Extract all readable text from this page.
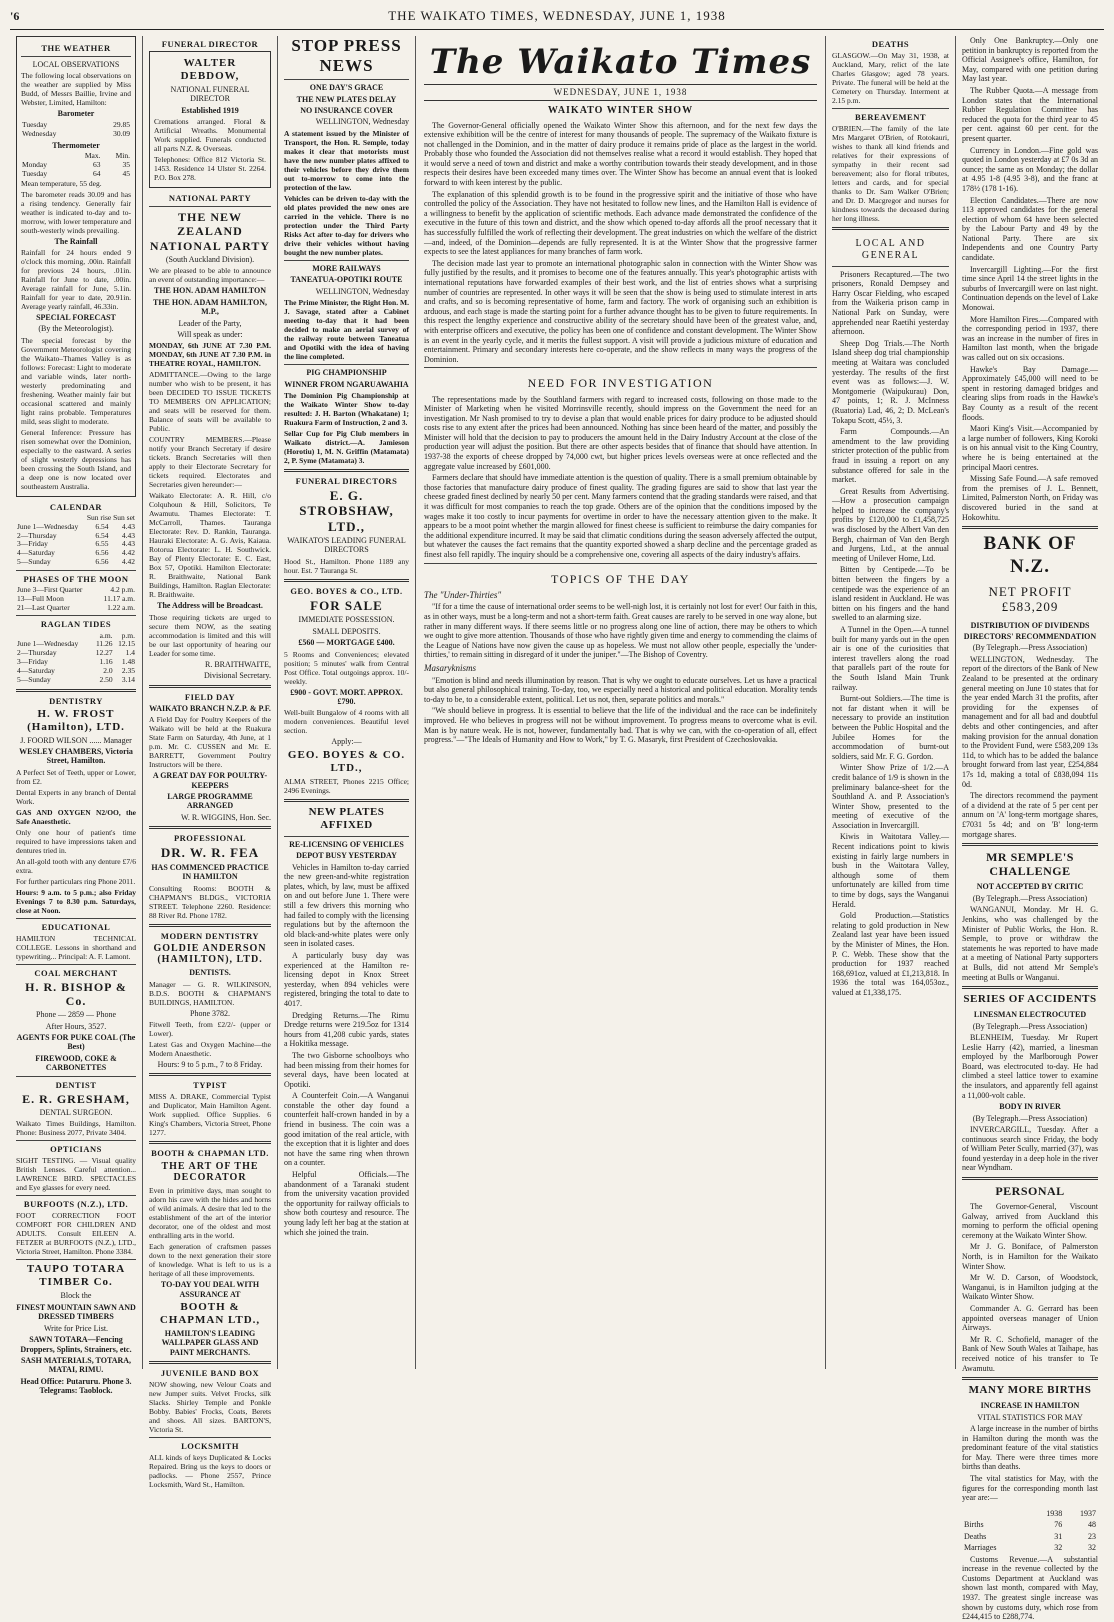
'6	THE WAIKATO TIMES, WEDNESDAY, JUNE 1, 1938
THE WEATHER
LOCAL OBSERVATIONS

The following local observations on the weather are supplied by Miss Budd, of Messrs Baillie, Irvine and Webster, Limited, Hamilton:

Barometer
Tuesday	29.85
Wednesday	30.09
Thermometer
	Max.	Min.
Monday	63	35
Tuesday	64	45

Mean temperature, 55 deg.

The barometer reads 30.09 and has a rising tendency. Generally fair weather is indicated to-day and to-morrow, with lower temperature and south-westerly winds prevailing.

The Rainfall

Rainfall for 24 hours ended 9 o'clock this morning, .00in. Rainfall for previous 24 hours, .01in. Rainfall for June to date, .00in. Average rainfall for June, 5.1in. Rainfall for year to date, 20.91in. Average yearly rainfall, 46.33in.

SPECIAL FORECAST
(By the Meteorologist).

The special forecast by the Government Meteorologist covering the Waikato–Thames Valley is as follows: Forecast: Light to moderate and variable winds, later north-westerly predominating and freshening. Weather mainly fair but occasional scattered and mainly light rains probable. Temperatures mild, seas slight to moderate.

General Inference: Pressure has risen somewhat over the Dominion, especially to the eastward. A series of slight westerly depressions has been crossing the South Island, and a deep one is now located over southeastern Australia.

CALENDAR
	Sun rise Sun set	
June 1—Wednesday	6.54	4.43
2—Thursday	6.54	4.43
3—Friday	6.55	4.43
4—Saturday	6.56	4.42
5—Sunday	6.56	4.42
PHASES OF THE MOON
June 3—First Quarter	4.2 p.m.
13—Full Moon	11.17 a.m.
21—Last Quarter	1.22 a.m.
RAGLAN TIDES
	a.m.	p.m.
June 1—Wednesday	11.26	12.15
2—Thursday	12.27	1.4
3—Friday	1.16	1.48
4—Saturday	2.0	2.35
5—Sunday	2.50	3.14
DENTISTRY
H. W. FROST (Hamilton), LTD.
J. FOORD WILSON ...... Manager
WESLEY CHAMBERS, Victoria Street, Hamilton.

A Perfect Set of Teeth, upper or Lower, from £2.

Dental Experts in any branch of Dental Work.

GAS AND OXYGEN N2/OO, the Safe Anaesthetic.

Only one hour of patient's time required to have impressions taken and dentures tried in.

An all-gold tooth with any denture £7/6 extra.

For further particulars ring Phone 2011.

Hours: 9 a.m. to 5 p.m.; also Friday Evenings 7 to 8.30 p.m. Saturdays, close at Noon.

EDUCATIONAL

HAMILTON TECHNICAL COLLEGE. Lessons in shorthand and typewriting... Principal: A. F. Lamont.

COAL MERCHANT
H. R. BISHOP & Co.
Phone — 2859 — Phone
After Hours, 3527.
AGENTS FOR PUKE COAL (The Best)
FIREWOOD, COKE & CARBONETTES
DENTIST
E. R. GRESHAM,
DENTAL SURGEON.

Waikato Times Buildings, Hamilton. Phone: Business 2077, Private 3404.

OPTICIANS

SIGHT TESTING. — Visual quality British Lenses. Careful attention... LAWRENCE BIRD. SPECTACLES and Eye glasses for every need.

BURFOOTS (N.Z.), LTD.

FOOT CORRECTION FOOT COMFORT FOR CHILDREN AND ADULTS. Consult EILEEN A. FETZER at BURFOOTS (N.Z.), LTD., Victoria Street, Hamilton. Phone 3384.

TAUPO TOTARA TIMBER Co.
Block the
FINEST MOUNTAIN SAWN AND DRESSED TIMBERS
Write for Price List.
SAWN TOTARA—Fencing Droppers, Splints, Strainers, etc.
SASH MATERIALS, TOTARA, MATAI, RIMU.
Head Office: Putaruru. Phone 3. Telegrams: Taoblock.
FUNERAL DIRECTOR
WALTER DEBDOW,
NATIONAL FUNERAL DIRECTOR
Established 1919

Cremations arranged. Floral & Artificial Wreaths. Monumental Work supplied. Funerals conducted all parts N.Z. & Overseas.

Telephones: Office 812 Victoria St. 1453. Residence 14 Ulster St. 2264. P.O. Box 278.

NATIONAL PARTY
THE NEW ZEALAND NATIONAL PARTY
(South Auckland Division).

We are pleased to be able to announce an event of outstanding importance:—

THE HON. ADAM HAMILTON
THE HON. ADAM HAMILTON, M.P.,
Leader of the Party,
Will speak as under:

MONDAY, 6th JUNE AT 7.30 P.M. MONDAY, 6th JUNE AT 7.30 P.M. in THEATRE ROYAL, HAMILTON.

ADMITTANCE.—Owing to the large number who wish to be present, it has been DECIDED TO ISSUE TICKETS TO MEMBERS ON APPLICATION; and seats will be reserved for them. Balance of seats will be available to Public.

COUNTRY MEMBERS.—Please notify your Branch Secretary if desire tickets. Branch Secretaries will then apply to their Electorate Secretary for tickets required. Electorates and Secretaries given hereunder:—

Waikato Electorate: A. R. Hill, c/o Colquhoun & Hill, Solicitors, Te Awamutu. Thames Electorate: T. McCarroll, Thames. Tauranga Electorate: Rev. D. Rankin, Tauranga. Hauraki Electorate: A. G. Avis, Kaiaua. Rotorua Electorate: L. H. Southwick. Bay of Plenty Electorate: E. C. East, Box 57, Opotiki. Hamilton Electorate: R. Braithwaite, National Bank Buildings, Hamilton. Raglan Electorate: R. Braithwaite.

The Address will be Broadcast.

Those requiring tickets are urged to secure them NOW, as the seating accommodation is limited and this will be our last opportunity of hearing our Leader for some time.

R. BRAITHWAITE,
Divisional Secretary.
FIELD DAY
WAIKATO BRANCH N.Z.P. & P.F.

A Field Day for Poultry Keepers of the Waikato will be held at the Ruakura State Farm on Saturday, 4th June, at 1 p.m. Mr. C. CUSSEN and Mr. E. BARRETT, Government Poultry Instructors will be there.

A GREAT DAY FOR POULTRY-KEEPERS
LARGE PROGRAMME ARRANGED
W. R. WIGGINS, Hon. Sec.
PROFESSIONAL
DR. W. R. FEA
HAS COMMENCED PRACTICE IN HAMILTON

Consulting Rooms: BOOTH & CHAPMAN'S BLDGS., VICTORIA STREET. Telephone 2260. Residence: 88 River Rd. Phone 1782.

MODERN DENTISTRY
GOLDIE ANDERSON (HAMILTON), LTD.
DENTISTS.

Manager — G. R. WILKINSON, B.D.S. BOOTH & CHAPMAN'S BUILDINGS, HAMILTON.

Phone 3782.

Fitwell Teeth, from £2/2/- (upper or Lower).

Latest Gas and Oxygen Machine—the Modern Anaesthetic.

Hours: 9 to 5 p.m., 7 to 8 Friday.
TYPIST

MISS A. DRAKE, Commercial Typist and Duplicator, Main Hamilton Agent. Work supplied. Office Supplies. 6 King's Chambers, Victoria Street, Phone 1277.

BOOTH & CHAPMAN LTD.
THE ART OF THE DECORATOR

Even in primitive days, man sought to adorn his cave with the hides and horns of wild animals. A desire that led to the establishment of the art of the interior decorator, one of the oldest and most enthralling arts in the world.

Each generation of craftsmen passes down to the next generation their store of knowledge. What is left to us is a heritage of all these improvements.

TO-DAY YOU DEAL WITH ASSURANCE AT
BOOTH & CHAPMAN LTD.,
HAMILTON'S LEADING WALLPAPER GLASS AND PAINT MERCHANTS.
JUVENILE BAND BOX

NOW showing, new Velour Coats and new Jumper suits. Velvet Frocks, silk Slacks. Shirley Temple and Ponkle Bobby. Babies' Frocks, Coats, Berets and shoes. All sizes. BARTON'S, Victoria St.

LOCKSMITH

ALL kinds of keys Duplicated & Locks Repaired. Bring us the keys to doors or padlocks. — Phone 2557, Prince Locksmith, Ward St., Hamilton.

STOP PRESS NEWS
ONE DAY'S GRACE
THE NEW PLATES DELAY
NO INSURANCE COVER
WELLINGTON, Wednesday

A statement issued by the Minister of Transport, the Hon. R. Semple, today makes it clear that motorists must have the new number plates affixed to their vehicles before they drive them out to-morrow to come into the protection of the law.

Vehicles can be driven to-day with the old plates provided the new ones are carried in the vehicle. There is no protection under the Third Party Risks Act after to-day for drivers who drive their vehicles without having bought the new number plates.

MORE RAILWAYS
TANEATUA-OPOTIKI ROUTE
WELLINGTON, Wednesday

The Prime Minister, the Right Hon. M. J. Savage, stated after a Cabinet meeting to-day that it had been decided to make an aerial survey of the railway route between Taneatua and Opotiki with the idea of having the line completed.

PIG CHAMPIONSHIP
WINNER FROM NGARUAWAHIA

The Dominion Pig Championship at the Waikato Winter Show to-day resulted: J. H. Barton (Whakatane) 1; Ruakura Farm of Instruction, 2 and 3.

Sellar Cup for Pig Club members in Waikato district.—A. Jamieson (Horotiu) 1, M. N. Griffin (Matamata) 2, P. Syme (Matamata) 3.

FUNERAL DIRECTORS
E. G. STROBSHAW, LTD.,
WAIKATO'S LEADING FUNERAL DIRECTORS

Hood St., Hamilton. Phone 1189 any hour. Est. 7 Tauranga St.

GEO. BOYES & CO., LTD.
FOR SALE
IMMEDIATE POSSESSION.
SMALL DEPOSITS.
£560 — MORTGAGE £400.

5 Rooms and Conveniences; elevated position; 5 minutes' walk from Central Post Office. Total outgoings approx. 10/- weekly.

£900 - GOVT. MORT. APPROX. £790.

Well-built Bungalow of 4 rooms with all modern conveniences. Beautiful level section.

Apply:—
GEO. BOYES & CO. LTD.,

ALMA STREET, Phones 2215 Office; 2496 Evenings.

NEW PLATES AFFIXED
RE-LICENSING OF VEHICLES
DEPOT BUSY YESTERDAY

Vehicles in Hamilton to-day carried the new green-and-white registration plates, which, by law, must be affixed on and out before June 1. There were still a few drivers this morning who had failed to comply with the licensing regulations but by the afternoon the old black-and-white plates were only seen in isolated cases.

A particularly busy day was experienced at the Hamilton re-licensing depot in Knox Street yesterday, when 894 vehicles were registered, bringing the total to date to 4017.

Dredging Returns.—The Rimu Dredge returns were 219.5oz for 1314 hours from 41,208 cubic yards, states a Hokitika message.

The two Gisborne schoolboys who had been missing from their homes for several days, have been located at Opotiki.

A Counterfeit Coin.—A Wanganui constable the other day found a counterfeit half-crown handed in by a friend in business. The coin was a good imitation of the real article, with the exception that it is lighter and does not have the same ring when thrown on a counter.

Helpful Officials.—The abandonment of a Taranaki student from the university vacation provided the opportunity for railway officials to show both courtesy and resource. The young lady left her bag at the station at which she joined the train.

The Waikato Times
WEDNESDAY, JUNE 1, 1938
WAIKATO WINTER SHOW

The Governor-General officially opened the Waikato Winter Show this afternoon, and for the next few days the extensive exhibition will be the centre of interest for many thousands of people. The supremacy of the Waikato fixture is not challenged in the Dominion, and in the matter of dairy produce it remains pride of place as the largest in the world. Probably those who founded the Association did not themselves realise what a record it would establish. They hoped that it would serve a need of town and district and make a worthy contribution towards their steady development, and in those respects their desires have been exceeded many times over. The Winter Show has become an annual event that is looked forward to with keen interest by the public.

The explanation of this splendid growth is to be found in the progressive spirit and the initiative of those who have controlled the policy of the Association. They have not hesitated to follow new lines, and the Hamilton Hall is evidence of a willingness to benefit by the application of scientific methods. Each advance made demonstrated the confidence of the executive in the future of this town and district, and the show which opened to-day affords all the proof necessary that it has successfully fulfilled the work of reflecting their development. The great industries on which the welfare of the district—and, indeed, of the Dominion—depends are fully represented. It is at the Winter Show that the progressive farmer expects to see the latest appliances for many branches of farm work.

The decision made last year to promote an international photographic salon in connection with the Winter Show was fully justified by the results, and it promises to become one of the features annually. This year's photographic artists with international reputations have forwarded examples of their best work, and the list of entries shows what a surprising number of countries are represented. In other ways it will be seen that the show is being used to stimulate interest in arts and crafts, and so is becoming representative of home, farm and factory. The work of organising such an exhibition is arduous, and each stage is made the starting point for a further advance thought has to be given to future requirements. In this respect the lengthy experience and constructive ability of the secretary should have been of the greatest value, and, with enterprise officers and executive, the policy has been one of confidence and constant development. The Winter Show is an event in the yearly cycle, and it merits the fullest support. A visit will provide a judicious mixture of education and entertainment. Primary and secondary interests here co-operate, and the show reflects in many ways the progress of the Dominion.

NEED FOR INVESTIGATION

The representations made by the Southland farmers with regard to increased costs, following on those made to the Minister of Marketing when he visited Morrinsville recently, should impress on the Government the need for an investigation. Mr Nash promised to try to devise a plan that would enable prices for dairy produce to be adjusted should costs rise to any extent after the prices had been announced. Nothing has since been heard of the matter, and possibly the Minister will hold that the decision to pay to producers the amount held in the Dairy Industry Account at the close of the production year will adjust the position. But there are other aspects besides that of finance that should have attention. In 1937-38 the exports of cheese dropped by 74,000 cwt, but higher prices levels overseas were at once reflected and the aggregate value increased by £601,000.

Farmers declare that should have immediate attention is the question of quality. There is a small premium obtainable by those factories that manufacture dairy produce of finest quality. The grading figures are said to show that last year the cheese graded finest declined by nearly 50 per cent. Many farmers contend that the grading standards were raised, and that it was difficult for most companies to reach the top grade. Others are of the opinion that the conditions imposed by the wages make it too costly to incur payments for overtime in order to have the necessary attention given to the make. It appears to be a moot point whether the margin allowed for finest cheese is sufficient to reimburse the dairy companies for the additional expenditure incurred. It may be said that climatic conditions during the season adversely affected the output, but whatever the causes the fact remains that the quantity exported showed a sharp decline and the percentage graded as finest also fell rapidly. The inquiry should be a comprehensive one, covering all aspects of the dairy industry's affairs.

TOPICS OF THE DAY
The "Under-Thirties"

"If for a time the cause of international order seems to be well-nigh lost, it is certainly not lost for ever! Our faith in this, as in other ways, must be a long-term and not a short-term faith. Great causes are rarely to be served in one way alone, but rather in many different ways. If there seems little or no progress along one line of action, there may be others to which we ought to give more attention. Thousands of those who have rightly given time and energy to commending the claims of the League of Nations have now given the cause up as hopeless. We must not allow other people, especially the 'under-thirties,' to remain sitting in disregard of it under the juniper."—The Bishop of Coventry.

Masaryknisms

"Emotion is blind and needs illumination by reason. That is why we ought to educate ourselves. Let us have a practical but also general philosophical training. To-day, too, we especially need a historical and political education. Morality tends to-day to be, to a considerable extent, political. Let us not, then, separate politics and morals."

"We should believe in progress. It is essential to believe that the life of the individual and the race can be indefinitely improved. He who believes in progress will not be without improvement. To progress means to overcome what is evil. Man is by nature weak. He is not, however, fundamentally bad. That is why we can, with the co-operation of all, effect progress."—"The Ideals of Humanity and How to Work," by T. G. Masaryk, first President of Czechoslovakia.

DEATHS

GLASGOW.—On May 31, 1938, at Auckland, Mary, relict of the late Charles Glasgow; aged 78 years. Private. The funeral will be held at the Cemetery on Thursday. Interment at 2.15 p.m.

BEREAVEMENT

O'BRIEN.—The family of the late Mrs Margaret O'Brien, of Rotokauri, wishes to thank all kind friends and relatives for their expressions of sympathy in their recent sad bereavement; also for floral tributes, letters and cards, and for special thanks to Dr. Sam Walker O'Brien; and Dr. D. Macgregor and nurses for kindness towards the deceased during her long illness.

LOCAL AND GENERAL

Prisoners Recaptured.—The two prisoners, Ronald Dempsey and Harry Oscar Fielding, who escaped from the Waikeria prison camp in National Park on Sunday, were apprehended near Raetihi yesterday afternoon.

Sheep Dog Trials.—The North Island sheep dog trial championship meeting at Waitara was concluded yesterday. The results of the first event was as follows:—J. W. Montgomerie (Waipukurau) Don, 47 points, 1; R. J. McInness (Ruatoria) Lad, 46, 2; D. McLean's Tokapu Scott, 45½, 3.

Farm Compounds.—An amendment to the law providing stricter protection of the public from fraud in issuing a report on any substance offered for sale in the market.

Great Results from Advertising.—How a prosecution campaign helped to increase the company's profits by £120,000 to £1,458,725 was disclosed by the Albert Van den Bergh, chairman of Van den Bergh and Jurgens, Ltd., at the annual meeting of Unilever Home, Ltd.

Bitten by Centipede.—To be bitten between the fingers by a centipede was the experience of an island resident in Auckland. He was bitten on his fingers and the hand swelled to an alarming size.

A Tunnel in the Open.—A tunnel built for many yards out in the open air is one of the curiosities that interest travellers along the road that parallels part of the route for the South Island Main Trunk railway.

Burnt-out Soldiers.—The time is not far distant when it will be necessary to provide an institution between the Public Hospital and the Jubilee Homes for the accommodation of burnt-out soldiers, said Mr. F. G. Gordon.

Winter Show Prize of 1/2.—A credit balance of 1/9 is shown in the preliminary balance-sheet for the Southland A. and P. Association's Winter Show, presented to the meeting of executive of the Association in Invercargill.

Kiwis in Waitotara Valley.—Recent indications point to kiwis existing in fairly large numbers in bush in the Waitotara Valley, although some of them unfortunately are killed from time to time by dogs, says the Wanganui Herald.

Gold Production.—Statistics relating to gold production in New Zealand last year have been issued by the Minister of Mines, the Hon. P. C. Webb. These show that the production for 1937 reached 168,691oz, valued at £1,213,818. In 1936 the total was 164,053oz., valued at £1,338,175.

Only One Bankruptcy.—Only one petition in bankruptcy is reported from the Official Assignee's office, Hamilton, for May, compared with one petition during May last year.

The Rubber Quota.—A message from London states that the International Rubber Regulation Committee has reduced the quota for the third year to 45 per cent. against 60 per cent. for the present quarter.

Currency in London.—Fine gold was quoted in London yesterday at £7 0s 3d an ounce; the same as on Monday; the dollar at 4.95 1-8 (4.95 3-8), and the franc at 178½ (178 1-16).

Election Candidates.—There are now 113 approved candidates for the general election of whom 64 have been selected by the Labour Party and 49 by the National Party. There are six Independents and one Country Party candidate.

Invercargill Lighting.—For the first time since April 14 the street lights in the suburbs of Invercargill were on last night. Continuation depends on the level of Lake Monowai.

More Hamilton Fires.—Compared with the corresponding period in 1937, there was an increase in the number of fires in Hamilton last month, when the brigade was called out on six occasions.

Hawke's Bay Damage.—Approximately £45,000 will need to be spent in restoring damaged bridges and clearing slips from roads in the Hawke's Bay County as a result of the recent floods.

Maori King's Visit.—Accompanied by a large number of followers, King Koroki is on his annual visit to the King Country, where he is being entertained at the principal Maori centres.

Missing Safe Found.—A safe removed from the premises of J. L. Bennett, Limited, Palmerston North, on Friday was discovered buried in the sand at Hokowhitu.

BANK OF N.Z.
NET PROFIT £583,209
DISTRIBUTION OF DIVIDENDS
DIRECTORS' RECOMMENDATION
(By Telegraph.—Press Association)

WELLINGTON, Wednesday. The report of the directors of the Bank of New Zealand to be presented at the ordinary general meeting on June 10 states that for the year ended March 31 the profits, after providing for the expenses of management and for all bad and doubtful debts and other contingencies, and after making provision for the annual donation to the Provident Fund, were £583,209 13s 11d, to which has to be added the balance brought forward from last year, £254,884 17s 1d, making a total of £838,094 11s 0d.

The directors recommend the payment of a dividend at the rate of 5 per cent per annum on 'A' long-term mortgage shares, £7031 5s 4d; and on 'B' long-term mortgage shares.

MR SEMPLE'S CHALLENGE
NOT ACCEPTED BY CRITIC
(By Telegraph.—Press Association)

WANGANUI, Monday. Mr H. G. Jenkins, who was challenged by the Minister of Public Works, the Hon. R. Semple, to prove or withdraw the statements he was reported to have made at a meeting of National Party supporters at Bulls, did not attend Mr Semple's meeting at Bulls or Wanganui.

SERIES OF ACCIDENTS
LINESMAN ELECTROCUTED
(By Telegraph.—Press Association)

BLENHEIM, Tuesday. Mr Rupert Leslie Harry (42), married, a linesman employed by the Marlborough Power Board, was electrocuted to-day. He had climbed a steel lattice tower to examine the insulators, and apparently fell against a 11,000-volt cable.

BODY IN RIVER
(By Telegraph.—Press Association)

INVERCARGILL, Tuesday. After a continuous search since Friday, the body of William Peter Scully, married (37), was found yesterday in a deep hole in the river near Wyndham.

PERSONAL

The Governor-General, Viscount Galway, arrived from Auckland this morning to perform the official opening ceremony at the Waikato Winter Show.

Mr J. G. Boniface, of Palmerston North, is in Hamilton for the Waikato Winter Show.

Mr W. D. Carson, of Woodstock, Wanganui, is in Hamilton judging at the Waikato Winter Show.

Commander A. G. Gerrard has been appointed overseas manager of Union Airways.

Mr R. C. Schofield, manager of the Bank of New South Wales at Taihape, has received notice of his transfer to Te Awamutu.

MANY MORE BIRTHS
INCREASE IN HAMILTON
VITAL STATISTICS FOR MAY

A large increase in the number of births in Hamilton during the month was the predominant feature of the vital statistics for May. There were three times more births than deaths.

The vital statistics for May, with the figures for the corresponding month last year are:—

	1938	1937
Births	76	48
Deaths	31	23
Marriages	32	32

Customs Revenue.—A substantial increase in the revenue collected by the Customs Department at Auckland was shown last month, compared with May, 1937. The greatest single increase was shown by customs duty, which rose from £244,415 to £288,774.
